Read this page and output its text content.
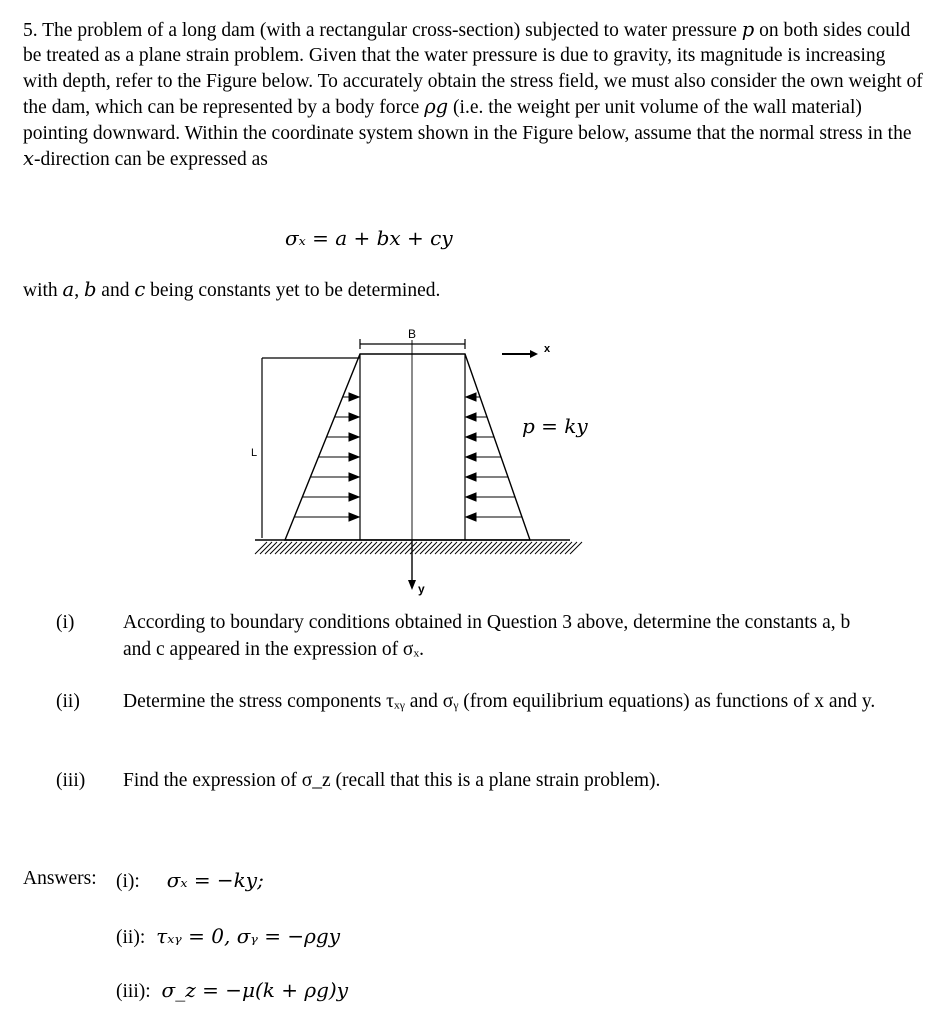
5. The problem of a long dam (with a rectangular cross-section) subjected to water pressure p on both sides could be treated as a plane strain problem. Given that the water pressure is due to gravity, its magnitude is increasing with depth, refer to the Figure below. To accurately obtain the stress field, we must also consider the own weight of the dam, which can be represented by a body force ρg (i.e. the weight per unit volume of the wall material) pointing downward. Within the coordinate system shown in the Figure below, assume that the normal stress in the x-direction can be expressed as

σₓ = a + bx + cy

with a, b and c being constants yet to be determined.

B
x
y
L
p = ky
(i) According to boundary conditions obtained in Question 3 above, determine the constants a, b and c appeared in the expression of σₓ.

(ii) Determine the stress components τₓᵧ and σᵧ (from equilibrium equations) as functions of x and y.

(iii) Find the expression of σ_z (recall that this is a plane strain problem).

Answers: (i): σₓ = −ky;
(ii): τₓᵧ = 0, σᵧ = −ρgy
(iii): σ_z = −μ(k + ρg)y
